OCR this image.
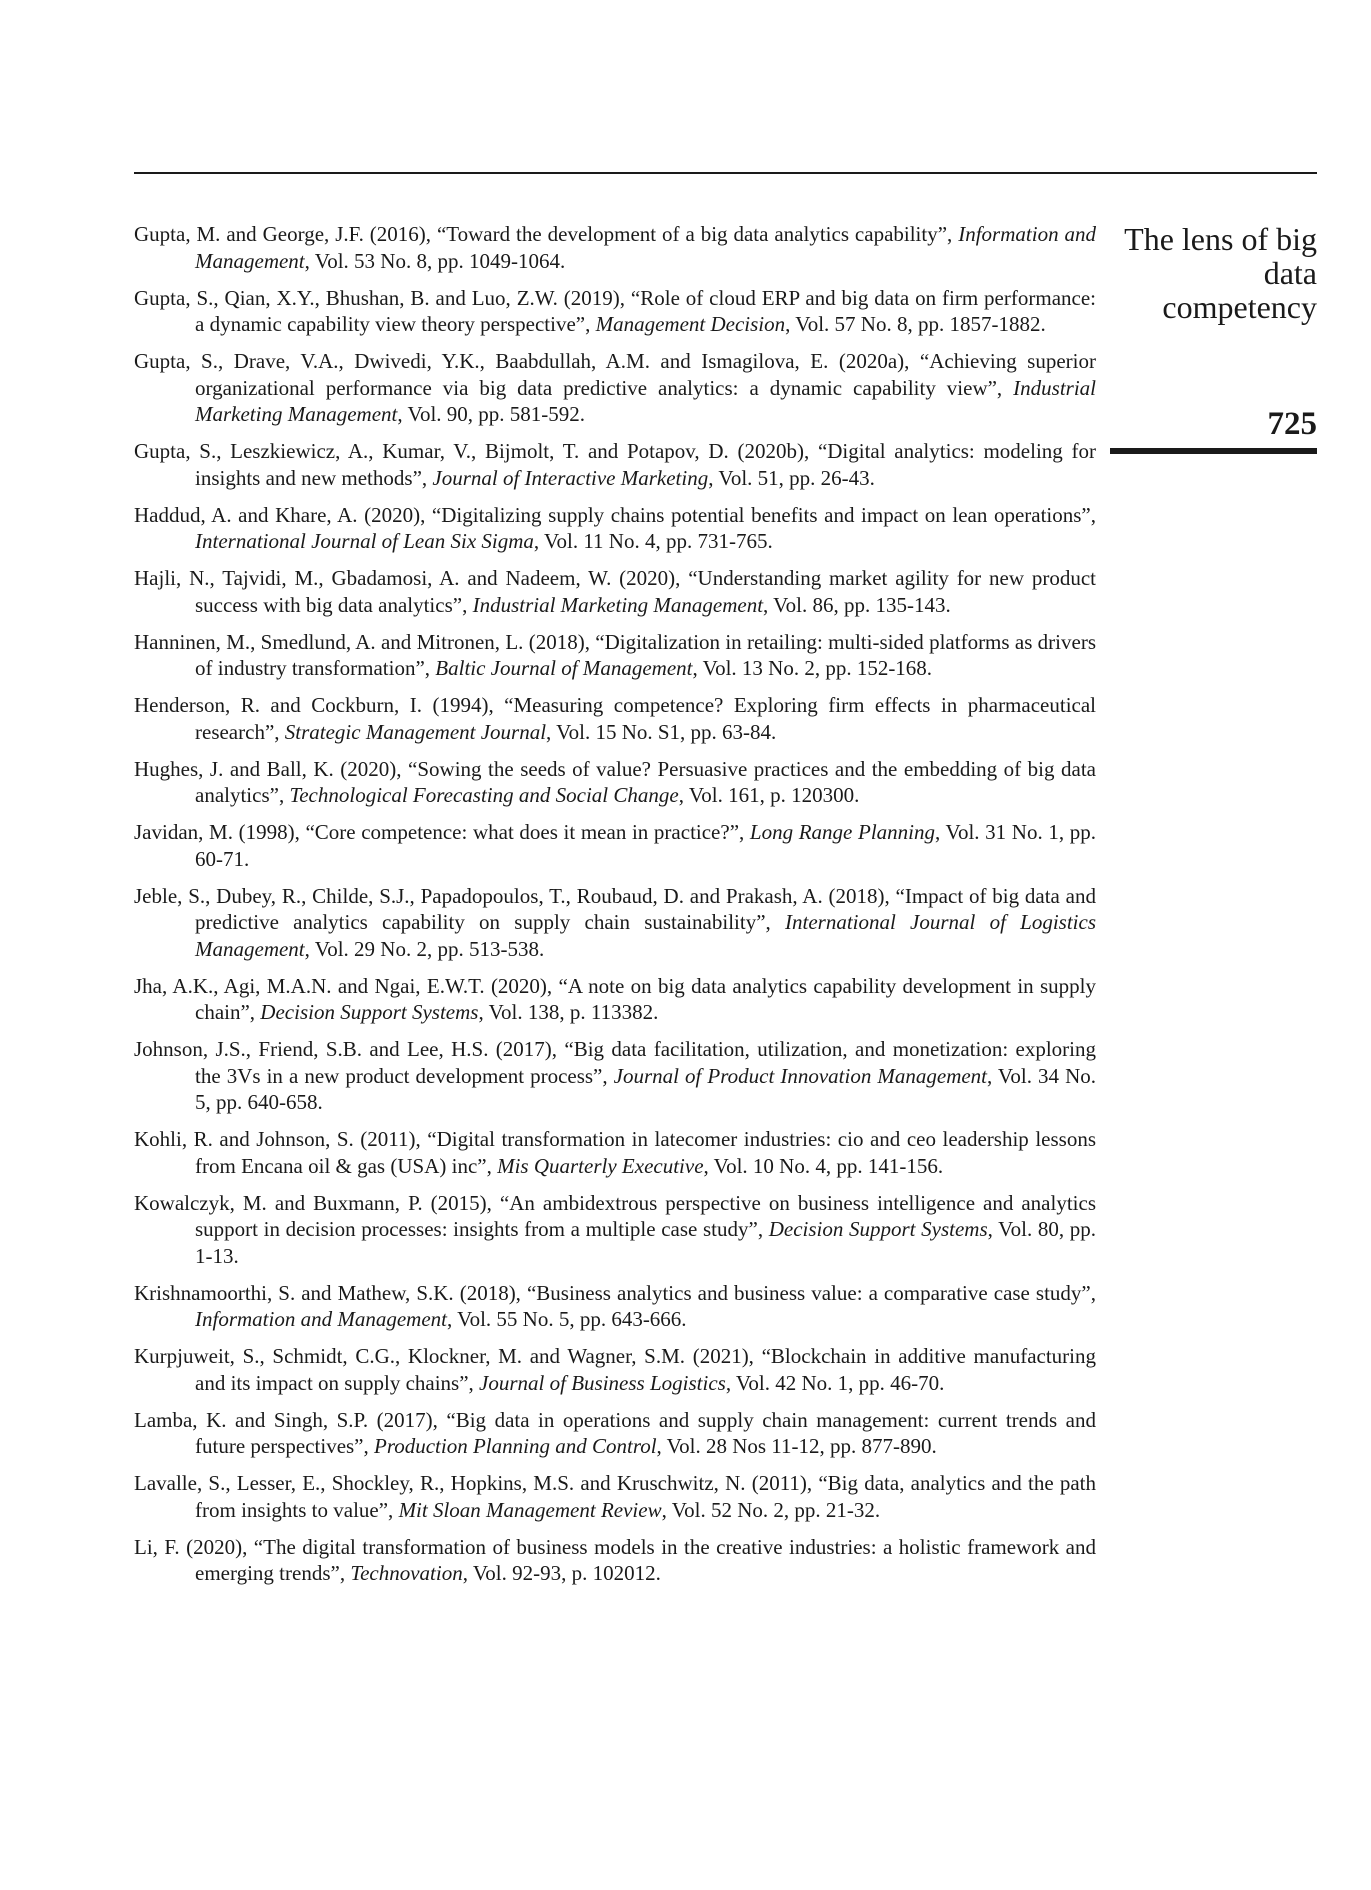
Gupta, M. and George, J.F. (2016), “Toward the development of a big data analytics capability”, Information and Management, Vol. 53 No. 8, pp. 1049-1064.

Gupta, S., Qian, X.Y., Bhushan, B. and Luo, Z.W. (2019), “Role of cloud ERP and big data on firm performance: a dynamic capability view theory perspective”, Management Decision, Vol. 57 No. 8, pp. 1857-1882.

Gupta, S., Drave, V.A., Dwivedi, Y.K., Baabdullah, A.M. and Ismagilova, E. (2020a), “Achieving superior organizational performance via big data predictive analytics: a dynamic capability view”, Industrial Marketing Management, Vol. 90, pp. 581-592.

Gupta, S., Leszkiewicz, A., Kumar, V., Bijmolt, T. and Potapov, D. (2020b), “Digital analytics: modeling for insights and new methods”, Journal of Interactive Marketing, Vol. 51, pp. 26-43.

Haddud, A. and Khare, A. (2020), “Digitalizing supply chains potential benefits and impact on lean operations”, International Journal of Lean Six Sigma, Vol. 11 No. 4, pp. 731-765.

Hajli, N., Tajvidi, M., Gbadamosi, A. and Nadeem, W. (2020), “Understanding market agility for new product success with big data analytics”, Industrial Marketing Management, Vol. 86, pp. 135-143.

Hanninen, M., Smedlund, A. and Mitronen, L. (2018), “Digitalization in retailing: multi-sided platforms as drivers of industry transformation”, Baltic Journal of Management, Vol. 13 No. 2, pp. 152-168.

Henderson, R. and Cockburn, I. (1994), “Measuring competence? Exploring firm effects in pharmaceutical research”, Strategic Management Journal, Vol. 15 No. S1, pp. 63-84.

Hughes, J. and Ball, K. (2020), “Sowing the seeds of value? Persuasive practices and the embedding of big data analytics”, Technological Forecasting and Social Change, Vol. 161, p. 120300.

Javidan, M. (1998), “Core competence: what does it mean in practice?”, Long Range Planning, Vol. 31 No. 1, pp. 60-71.

Jeble, S., Dubey, R., Childe, S.J., Papadopoulos, T., Roubaud, D. and Prakash, A. (2018), “Impact of big data and predictive analytics capability on supply chain sustainability”, International Journal of Logistics Management, Vol. 29 No. 2, pp. 513-538.

Jha, A.K., Agi, M.A.N. and Ngai, E.W.T. (2020), “A note on big data analytics capability development in supply chain”, Decision Support Systems, Vol. 138, p. 113382.

Johnson, J.S., Friend, S.B. and Lee, H.S. (2017), “Big data facilitation, utilization, and monetization: exploring the 3Vs in a new product development process”, Journal of Product Innovation Management, Vol. 34 No. 5, pp. 640-658.

Kohli, R. and Johnson, S. (2011), “Digital transformation in latecomer industries: cio and ceo leadership lessons from Encana oil & gas (USA) inc”, Mis Quarterly Executive, Vol. 10 No. 4, pp. 141-156.

Kowalczyk, M. and Buxmann, P. (2015), “An ambidextrous perspective on business intelligence and analytics support in decision processes: insights from a multiple case study”, Decision Support Systems, Vol. 80, pp. 1-13.

Krishnamoorthi, S. and Mathew, S.K. (2018), “Business analytics and business value: a comparative case study”, Information and Management, Vol. 55 No. 5, pp. 643-666.

Kurpjuweit, S., Schmidt, C.G., Klockner, M. and Wagner, S.M. (2021), “Blockchain in additive manufacturing and its impact on supply chains”, Journal of Business Logistics, Vol. 42 No. 1, pp. 46-70.

Lamba, K. and Singh, S.P. (2017), “Big data in operations and supply chain management: current trends and future perspectives”, Production Planning and Control, Vol. 28 Nos 11-12, pp. 877-890.

Lavalle, S., Lesser, E., Shockley, R., Hopkins, M.S. and Kruschwitz, N. (2011), “Big data, analytics and the path from insights to value”, Mit Sloan Management Review, Vol. 52 No. 2, pp. 21-32.

Li, F. (2020), “The digital transformation of business models in the creative industries: a holistic framework and emerging trends”, Technovation, Vol. 92-93, p. 102012.

The lens of big
data
competency
725
